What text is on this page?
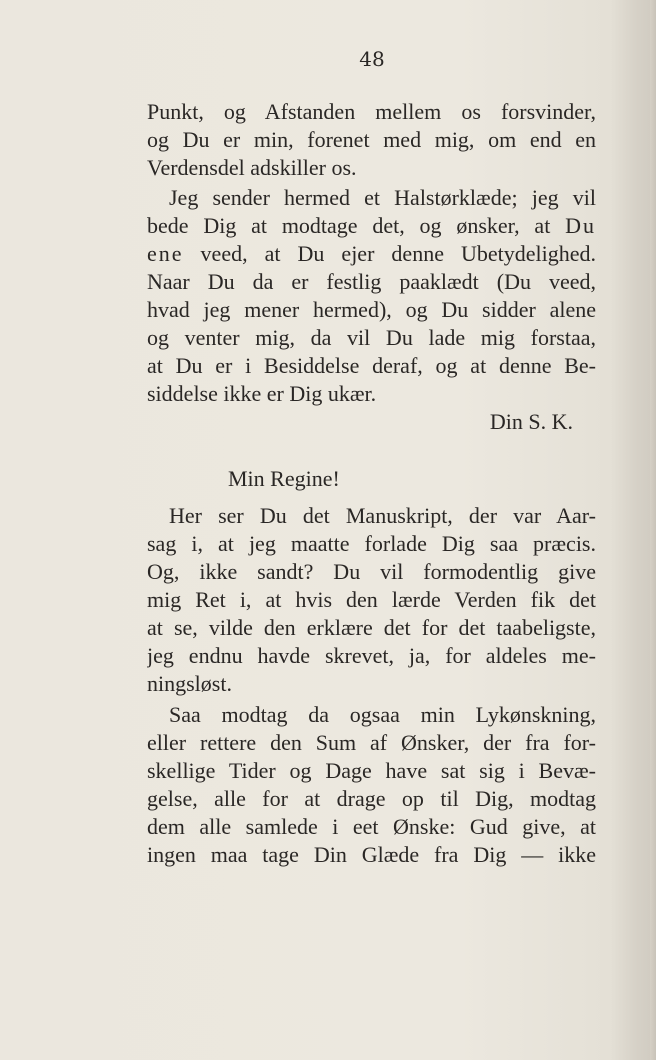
48
Punkt, og Afstanden mellem os forsvinder,
og Du er min, forenet med mig, om end en
Verdensdel adskiller os.
Jeg sender hermed et Halstørklæde; jeg vil
bede Dig at modtage det, og ønsker, at Du
ene veed, at Du ejer denne Ubetydelighed.
Naar Du da er festlig paaklædt (Du veed,
hvad jeg mener hermed), og Du sidder alene
og venter mig, da vil Du lade mig forstaa,
at Du er i Besiddelse deraf, og at denne Be-
siddelse ikke er Dig ukær.
Din S. K.
Min Regine!
Her ser Du det Manuskript, der var Aar-
sag i, at jeg maatte forlade Dig saa præcis.
Og, ikke sandt? Du vil formodentlig give
mig Ret i, at hvis den lærde Verden fik det
at se, vilde den erklære det for det taabeligste,
jeg endnu havde skrevet, ja, for aldeles me-
ningsløst.
Saa modtag da ogsaa min Lykønskning,
eller rettere den Sum af Ønsker, der fra for-
skellige Tider og Dage have sat sig i Bevæ-
gelse, alle for at drage op til Dig, modtag
dem alle samlede i eet Ønske: Gud give, at
ingen maa tage Din Glæde fra Dig — ikke
